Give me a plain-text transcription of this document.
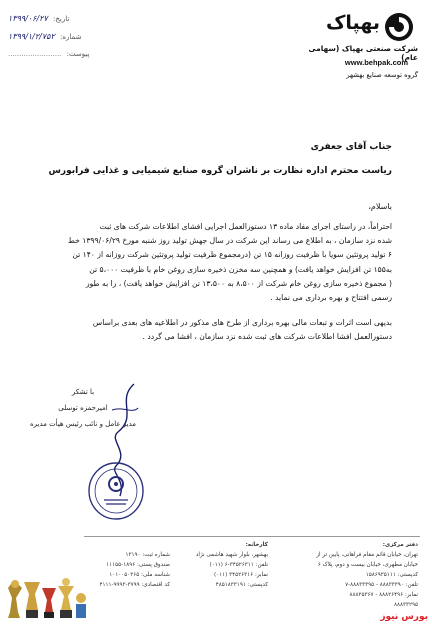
تاریخ: ۱۳۹۹/۰۶/۲۷
شماره: ۱۳۹۹/۱/۲/۷۵۲
پیوست: ........................
بهپاک
شرکت صنعتی بهپاک (سهامی عام)
www.behpak.com
گروه توسعه صنایع بهشهر
جناب آقای جعفری
ریاست محترم اداره نظارت بر ناشران گروه صنایع شیمیایی و غذایی فرابورس
باسلام،
احتراماً، در راستای اجرای مفاد ماده ۱۳ دستورالعمل اجرایی افشای اطلاعات شرکت های ثبت
شده نزد سازمان ، به اطلاع می رساند این شرکت در سال جهش تولید روز شنبه مورخ ۱۳۹۹/۰۶/۲۹ خط
۶ تولید پروتئین سویا با ظرفیت روزانه ۱۵ تن (درمجموع ظرفیت تولید پروتئین شرکت روزانه از ۱۴۰ تن
به۱۵۵ تن افزایش خواهد یافت) و همچنین سه مخزن ذخیره سازی روغن خام با ظرفیت ۵،۰۰۰ تن
( مجموع ذخیره سازی روغن خام شرکت از ۸،۵۰۰ به ۱۳،۵۰۰ تن افزایش خواهد یافت) ، را به طور
رسمی افتتاح و بهره برداری می نماید .
بدیهی است اثرات و تبعات مالی بهره برداری از طرح های مذکور در اطلاعیه های بعدی براساس
دستورالعمل افشا اطلاعات شرکت های ثبت شده نزد سازمان ، افشا می گردد .
با تشکر
امیرحمزه توسلی
مدیر عامل و نائب رئیس هیأت مدیره
دفتر مرکزی:
تهران، خیابان قائم مقام فراهانی، پایین تر از
خیابان مطهری، خیابان بیست و دوم، پلاک ۶
کدپستی: ۱۵۸۶۹۳۵۱۱۱
تلفن: ۸۸۸۳۳۳۹۰ - ۸۸۸۳۳۳۹۵-۷
نمابر: ۸۸۸۲۶۴۹۶ - ۸۸۸۲۵۳۶۷
۸۸۸۳۳۲۹۵
کارخانه:
بهشهر، بلوار شهید هاشمی نژاد
تلفن: ۳۴۵۲۶۳۱۱-۶ (۰۱۱)
نمابر: ۳۴۵۲۶۳۱۶ (۰۱۱)
کدپستی: ۴۸۵۱۸۳۳۱۹۱
شماره ثبت: ۱۳۱۹۰
صندوق پستی: ۱۸۹۶-۱۱۱۵۵
شناسه ملی: ۱۰۱۰۰۵۰۳۶۵
کد اقتصادی: ۳۷۹۹-۹۹۹۳-۴۱۱۱
بورس نیوز
